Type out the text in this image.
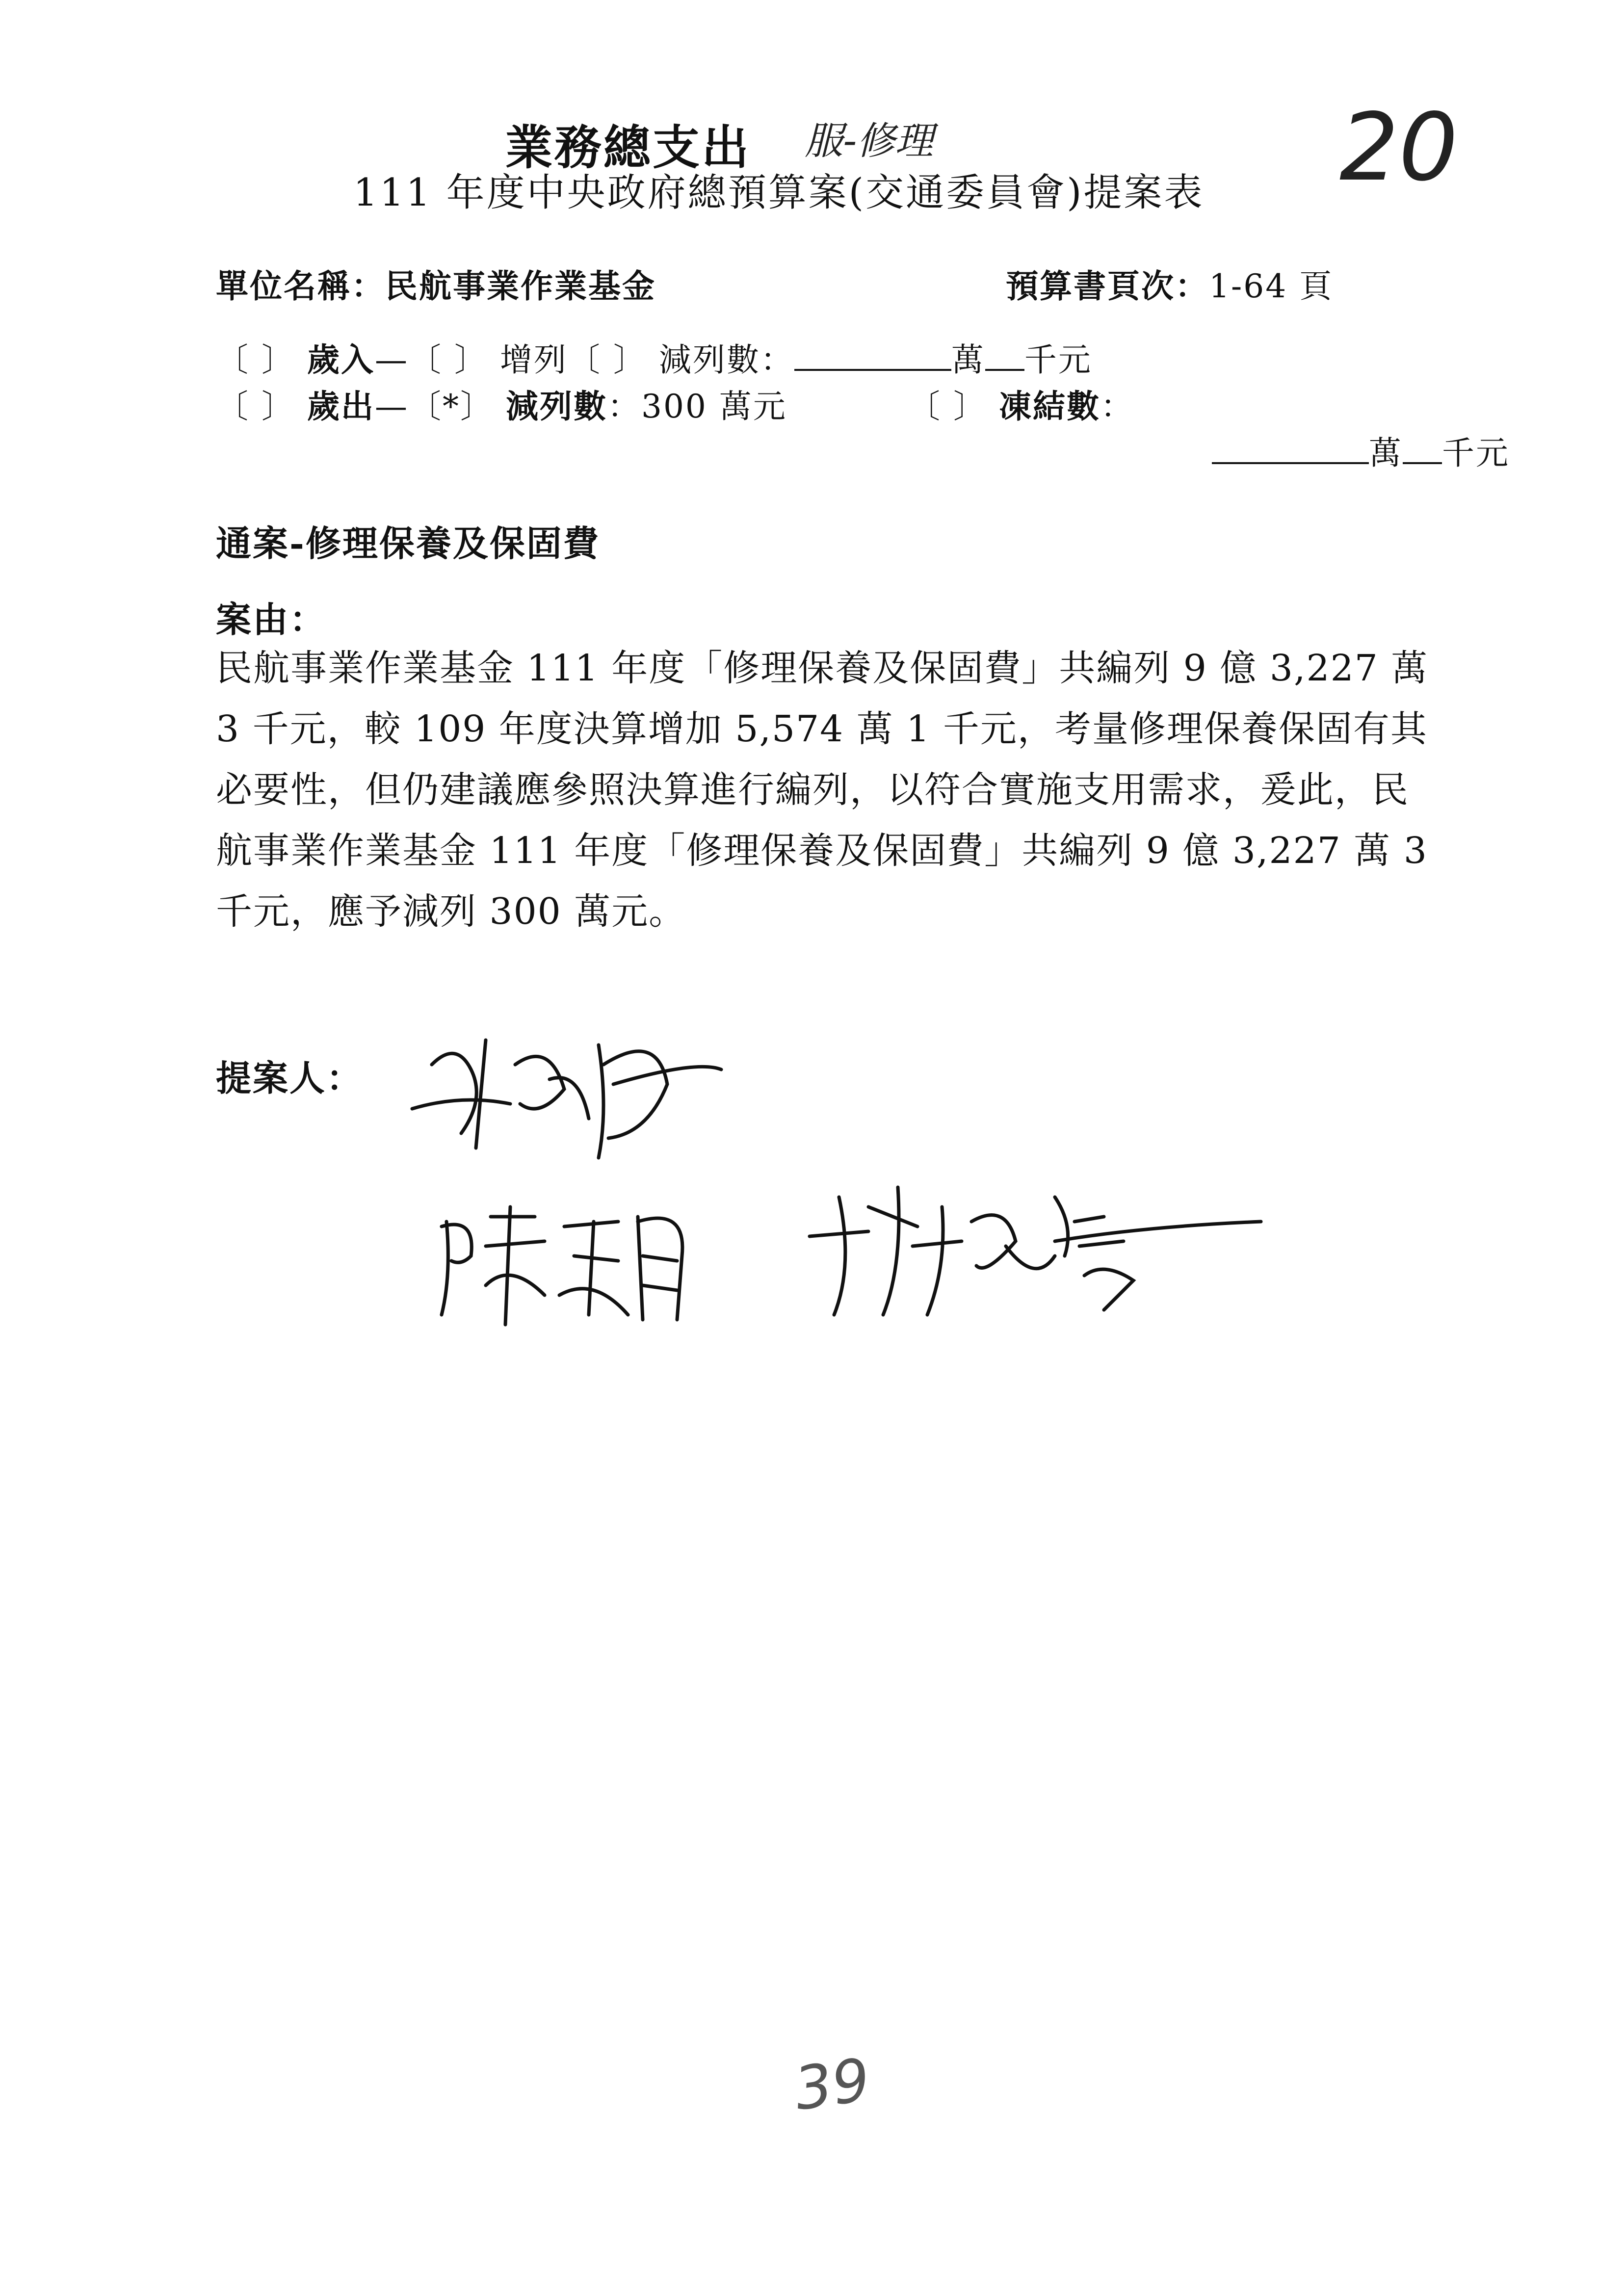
業務總支出 服-修理	20
111 年度中央政府總預算案(交通委員會)提案表
單位名稱：民航事業作業基金	預算書頁次：1-64 頁
〔 〕 歲入—〔 〕 增列〔 〕 減列數：	萬 千元
〔 〕 歲出—〔*〕 減列數：300 萬元	〔 〕 凍結數：
萬 千元
通案-修理保養及保固費
案由：
民航事業作業基金 111 年度「修理保養及保固費」共編列 9 億 3,227 萬 3 千元，較 109 年度決算增加 5,574 萬 1 千元，考量修理保養保固有其必要性，但仍建議應參照決算進行編列，以符合實施支用需求，爰此，民航事業作業基金 111 年度「修理保養及保固費」共編列 9 億 3,227 萬 3 千元，應予減列 300 萬元。
提案人：
39
